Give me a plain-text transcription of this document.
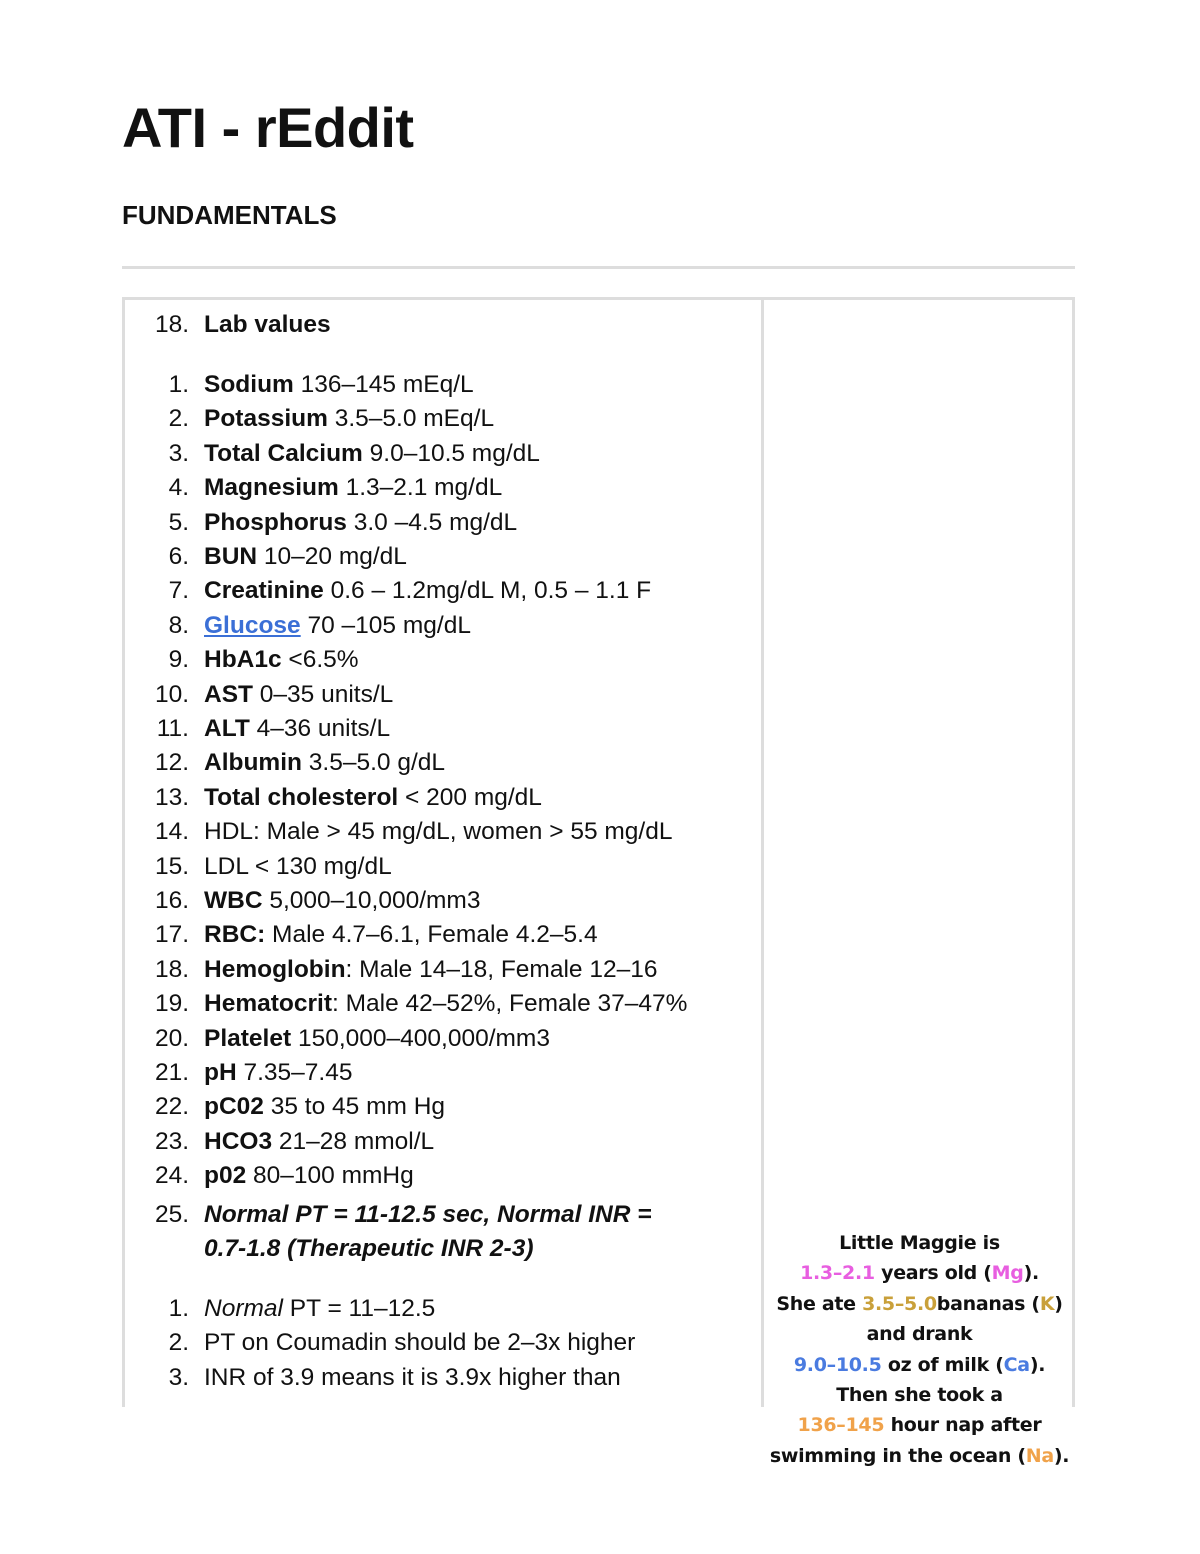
ATI - rEddit
FUNDAMENTALS
18. Lab values
1. Sodium 136–145 mEq/L
2. Potassium 3.5–5.0 mEq/L
3. Total Calcium 9.0–10.5 mg/dL
4. Magnesium 1.3–2.1 mg/dL
5. Phosphorus 3.0 –4.5 mg/dL
6. BUN 10–20 mg/dL
7. Creatinine 0.6 – 1.2mg/dL M, 0.5 – 1.1 F
8. Glucose 70 –105 mg/dL
9. HbA1c <6.5%
10. AST 0–35 units/L
11. ALT 4–36 units/L
12. Albumin 3.5–5.0 g/dL
13. Total cholesterol < 200 mg/dL
14. HDL: Male > 45 mg/dL, women > 55 mg/dL
15. LDL < 130 mg/dL
16. WBC 5,000–10,000/mm3
17. RBC: Male 4.7–6.1, Female 4.2–5.4
18. Hemoglobin: Male 14–18, Female 12–16
19. Hematocrit: Male 42–52%, Female 37–47%
20. Platelet 150,000–400,000/mm3
21. pH 7.35–7.45
22. pC02 35 to 45 mm Hg
23. HCO3 21–28 mmol/L
24. p02 80–100 mmHg
25. Normal PT = 11-12.5 sec, Normal INR =
0.7-1.8 (Therapeutic INR 2-3)
1. Normal PT = 11–12.5
2. PT on Coumadin should be 2–3x higher
3. INR of 3.9 means it is 3.9x higher than
Little Maggie is
1.3–2.1 years old (Mg).
She ate 3.5–5.0bananas (K)
and drank
9.0–10.5 oz of milk (Ca).
Then she took a
136–145 hour nap after
swimming in the ocean (Na).
